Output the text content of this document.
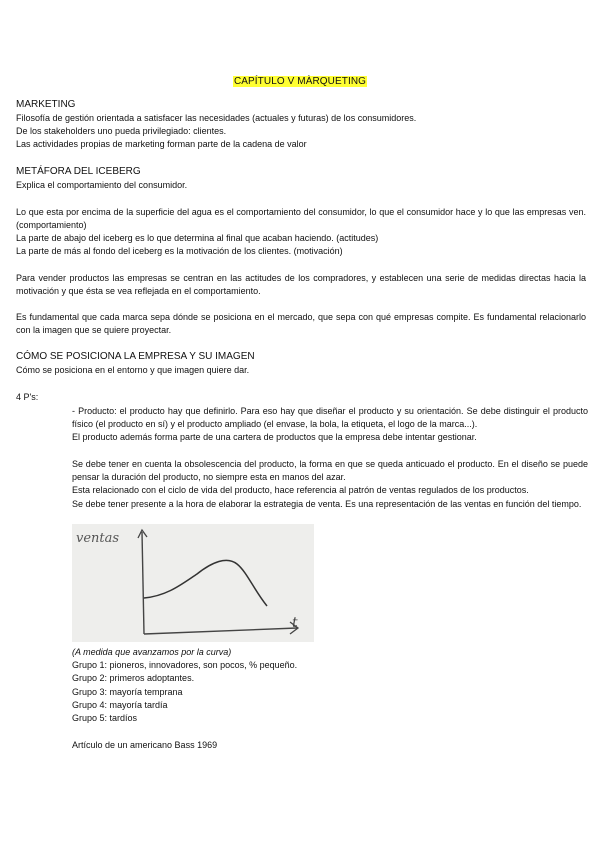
CAPÍTULO V MÀRQUETING
MARKETING
Filosofía de gestión orientada a satisfacer las necesidades (actuales y futuras) de los consumidores.
De los stakeholders uno pueda privilegiado: clientes.
Las actividades propias de marketing forman parte de la cadena de valor
METÁFORA DEL ICEBERG
Explica el comportamiento del consumidor.
Lo que esta por encima de la superficie del agua es el comportamiento del consumidor, lo que el consumidor hace y lo que las empresas ven. (comportamiento)
La parte de abajo del iceberg es lo que determina al final que acaban haciendo. (actitudes)
La parte de más al fondo del iceberg es la motivación de los clientes. (motivación)
Para vender productos las empresas se centran en las actitudes de los compradores, y establecen una serie de medidas directas hacia la motivación y que ésta se vea reflejada en el comportamiento.
Es fundamental que cada marca sepa dónde se posiciona en el mercado, que sepa con qué empresas compite. Es fundamental relacionarlo con la imagen que se quiere proyectar.
CÓMO SE POSICIONA LA EMPRESA Y SU IMAGEN
Cómo se posiciona en el entorno y que imagen quiere dar.
4 P's:
- Producto: el producto hay que definirlo. Para eso hay que diseñar el producto y su orientación. Se debe distinguir el producto físico (el producto en sí) y el producto ampliado (el envase, la bola, la etiqueta, el logo de la marca...).
El producto además forma parte de una cartera de productos que la empresa debe intentar gestionar.
Se debe tener en cuenta la obsolescencia del producto, la forma en que se queda anticuado el producto. En el diseño se puede pensar la duración del producto, no siempre esta en manos del azar.
Esta relacionado con el ciclo de vida del producto, hace referencia al patrón de ventas regulados de los productos.
Se debe tener presente a la hora de elaborar la estrategia de venta. Es una representación de las ventas en función del tiempo.
ventas
t
(A medida que avanzamos por la curva)
Grupo 1: pioneros, innovadores, son pocos, % pequeño.
Grupo 2: primeros adoptantes.
Grupo 3: mayoría temprana
Grupo 4: mayoría tardía
Grupo 5: tardíos
Artículo de un americano Bass 1969
